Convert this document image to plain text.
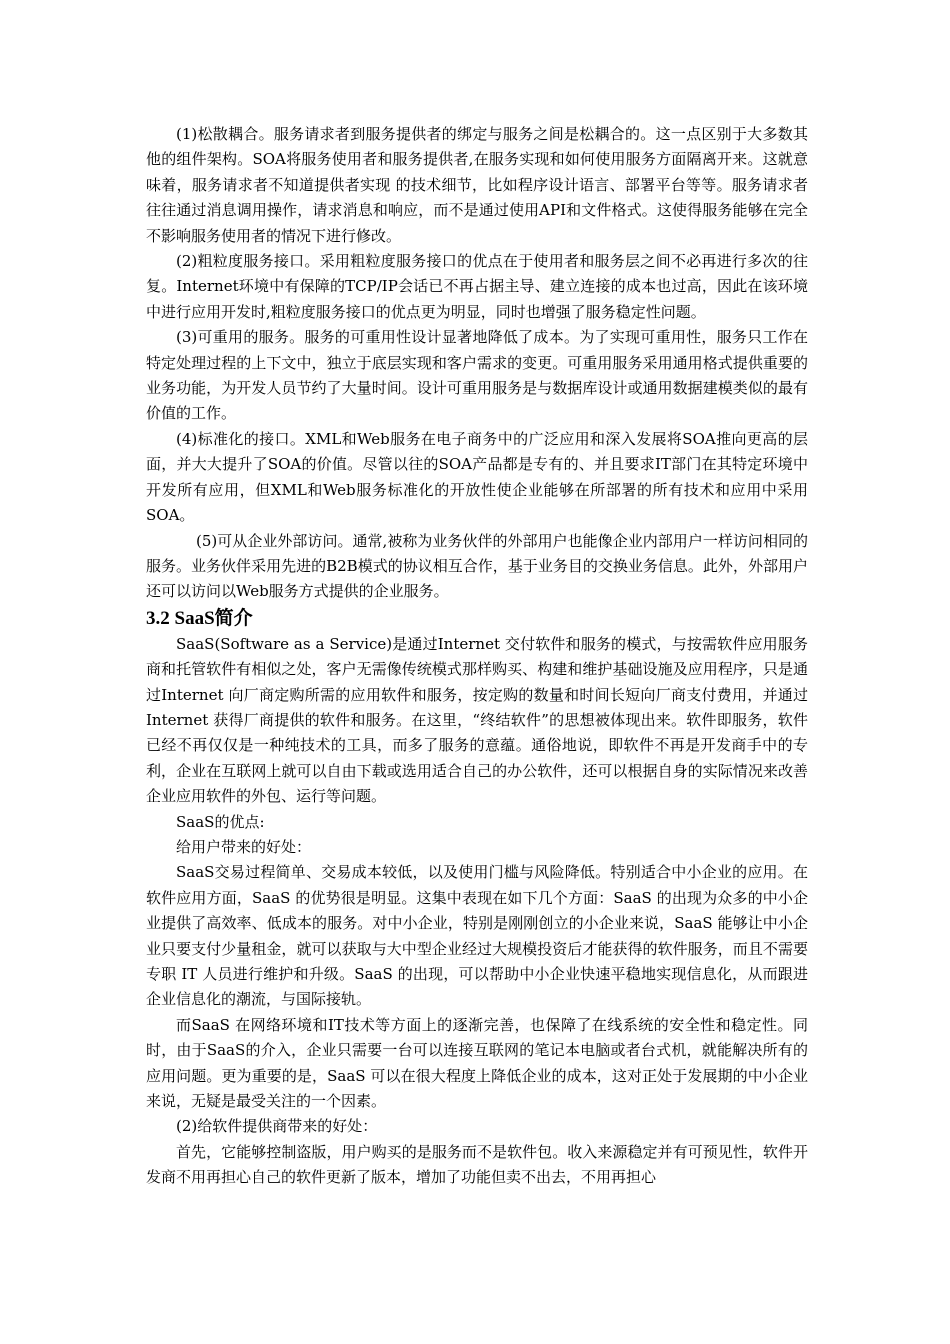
(1)松散耦合。服务请求者到服务提供者的绑定与服务之间是松耦合的。这一点区别于大多数其他的组件架构。SOA将服务使用者和服务提供者,在服务实现和如何使用服务方面隔离开来。这就意味着，服务请求者不知道提供者实现 的技术细节，比如程序设计语言、部署平台等等。服务请求者往往通过消息调用操作，请求消息和响应，而不是通过使用API和文件格式。这使得服务能够在完全不影响服务使用者的情况下进行修改。

(2)粗粒度服务接口。采用粗粒度服务接口的优点在于使用者和服务层之间不必再进行多次的往复。Internet环境中有保障的TCP/IP会话已不再占据主导、建立连接的成本也过高，因此在该环境中进行应用开发时,粗粒度服务接口的优点更为明显，同时也增强了服务稳定性问题。

(3)可重用的服务。服务的可重用性设计显著地降低了成本。为了实现可重用性，服务只工作在特定处理过程的上下文中，独立于底层实现和客户需求的变更。可重用服务采用通用格式提供重要的业务功能，为开发人员节约了大量时间。设计可重用服务是与数据库设计或通用数据建模类似的最有价值的工作。

(4)标准化的接口。XML和Web服务在电子商务中的广泛应用和深入发展将SOA推向更高的层面，并大大提升了SOA的价值。尽管以往的SOA产品都是专有的、并且要求IT部门在其特定环境中开发所有应用，但XML和Web服务标准化的开放性使企业能够在所部署的所有技术和应用中采用SOA。

(5)可从企业外部访问。通常,被称为业务伙伴的外部用户也能像企业内部用户一样访问相同的服务。业务伙伴采用先进的B2B模式的协议相互合作，基于业务目的交换业务信息。此外，外部用户还可以访问以Web服务方式提供的企业服务。

3.2 SaaS简介

SaaS(Software as a Service)是通过Internet 交付软件和服务的模式，与按需软件应用服务商和托管软件有相似之处，客户无需像传统模式那样购买、构建和维护基础设施及应用程序，只是通过Internet 向厂商定购所需的应用软件和服务，按定购的数量和时间长短向厂商支付费用，并通过Internet 获得厂商提供的软件和服务。在这里，“终结软件”的思想被体现出来。软件即服务，软件已经不再仅仅是一种纯技术的工具，而多了服务的意蕴。通俗地说，即软件不再是开发商手中的专利，企业在互联网上就可以自由下载或选用适合自己的办公软件，还可以根据自身的实际情况来改善企业应用软件的外包、运行等问题。

SaaS的优点:

给用户带来的好处：

SaaS交易过程简单、交易成本较低，以及使用门槛与风险降低。特别适合中小企业的应用。在软件应用方面，SaaS 的优势很是明显。这集中表现在如下几个方面：SaaS 的出现为众多的中小企业提供了高效率、低成本的服务。对中小企业，特别是刚刚创立的小企业来说，SaaS 能够让中小企业只要支付少量租金，就可以获取与大中型企业经过大规模投资后才能获得的软件服务，而且不需要专职 IT 人员进行维护和升级。SaaS 的出现，可以帮助中小企业快速平稳地实现信息化，从而跟进企业信息化的潮流，与国际接轨。

而SaaS 在网络环境和IT技术等方面上的逐渐完善，也保障了在线系统的安全性和稳定性。同时，由于SaaS的介入，企业只需要一台可以连接互联网的笔记本电脑或者台式机，就能解决所有的应用问题。更为重要的是，SaaS 可以在很大程度上降低企业的成本，这对正处于发展期的中小企业来说，无疑是最受关注的一个因素。

(2)给软件提供商带来的好处：

首先，它能够控制盗版，用户购买的是服务而不是软件包。收入来源稳定并有可预见性，软件开发商不用再担心自己的软件更新了版本，增加了功能但卖不出去，不用再担心
